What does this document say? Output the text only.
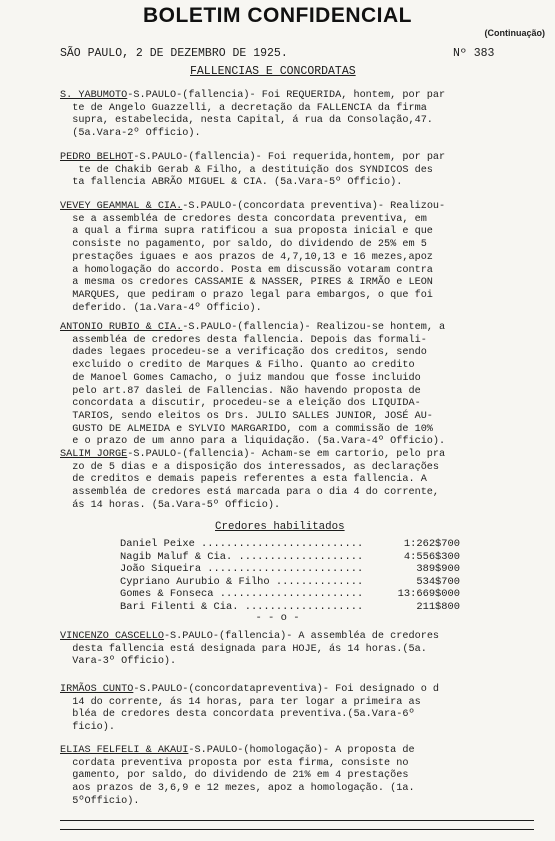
BOLETIM CONFIDENCIAL
(Continuação)
SÃO PAULO, 2 DE DEZEMBRO DE 1925.	Nº 383
FALLENCIAS E CONCORDATAS
S. YABUMOTO-S.PAULO-(fallencia)- Foi REQUERIDA, hontem, por par
te de Angelo Guazzelli, a decretação da FALLENCIA da firma
supra, estabelecida, nesta Capital, á rua da Consolação,47.
(5a.Vara-2º Officio).
PEDRO BELHOT-S.PAULO-(fallencia)- Foi requerida,hontem, por par
te de Chakib Gerab & Filho, a destituição dos SYNDICOS des
ta fallencia ABRÃO MIGUEL & CIA. (5a.Vara-5º Officio).
VEVEY GEAMMAL & CIA.-S.PAULO-(concordata preventiva)- Realizou-
se a assembléa de credores desta concordata preventiva, em
a qual a firma supra ratificou a sua proposta inicial e que
consiste no pagamento, por saldo, do dividendo de 25% em 5
prestações iguaes e aos prazos de 4,7,10,13 e 16 mezes,apoz
a homologação do accordo. Posta em discussão votaram contra
a mesma os credores CASSAMIE & NASSER, PIRES & IRMÃO e LEON
MARQUES, que pediram o prazo legal para embargos, o que foi
deferido. (1a.Vara-4º Officio).
ANTONIO RUBIO & CIA.-S.PAULO-(fallencia)- Realizou-se hontem, a
assembléa de credores desta fallencia. Depois das formali-
dades legaes procedeu-se a verificação dos creditos, sendo
excluido o credito de Marques & Filho. Quanto ao credito
de Manoel Gomes Camacho, o juiz mandou que fosse incluido
pelo art.87 daslei de Fallencias. Não havendo proposta de
concordata a discutir, procedeu-se a eleição dos LIQUIDA-
TARIOS, sendo eleitos os Drs. JULIO SALLES JUNIOR, JOSÉ AU-
GUSTO DE ALMEIDA e SYLVIO MARGARIDO, com a commissão de 10%
e o prazo de um anno para a liquidação. (5a.Vara-4º Officio).
SALIM JORGE-S.PAULO-(fallencia)- Acham-se em cartorio, pelo pra
zo de 5 dias e a disposição dos interessados, as declarações
de creditos e demais papeis referentes a esta fallencia. A
assembléa de credores está marcada para o dia 4 do corrente,
ás 14 horas. (5a.Vara-5º Officio).
VINCENZO CASCELLO-S.PAULO-(fallencia)- A assembléa de credores
desta fallencia está designada para HOJE, ás 14 horas.(5a.
Vara-3º Officio).
IRMÃOS CUNTO-S.PAULO-(concordatapreventiva)- Foi designado o d
14 do corrente, ás 14 horas, para ter logar a primeira as
bléa de credores desta concordata preventiva.(5a.Vara-6º
ficio).
ELIAS FELFELI & AKAUI-S.PAULO-(homologação)- A proposta de
cordata preventiva proposta por esta firma, consiste no
gamento, por saldo, do dividendo de 21% em 4 prestações
aos prazos de 3,6,9 e 12 mezes, apoz a homologação. (1a.
5ºOfficio).
Credores habilitados
Daniel Peixe ..........................	1:262$700
Nagib Maluf & Cia. ....................	4:556$300
João Siqueira .........................	389$900
Cypriano Aurubio & Filho ..............	534$700
Gomes & Fonseca .......................	13:669$000
Bari Filenti & Cia. ...................	211$800
- - o -
